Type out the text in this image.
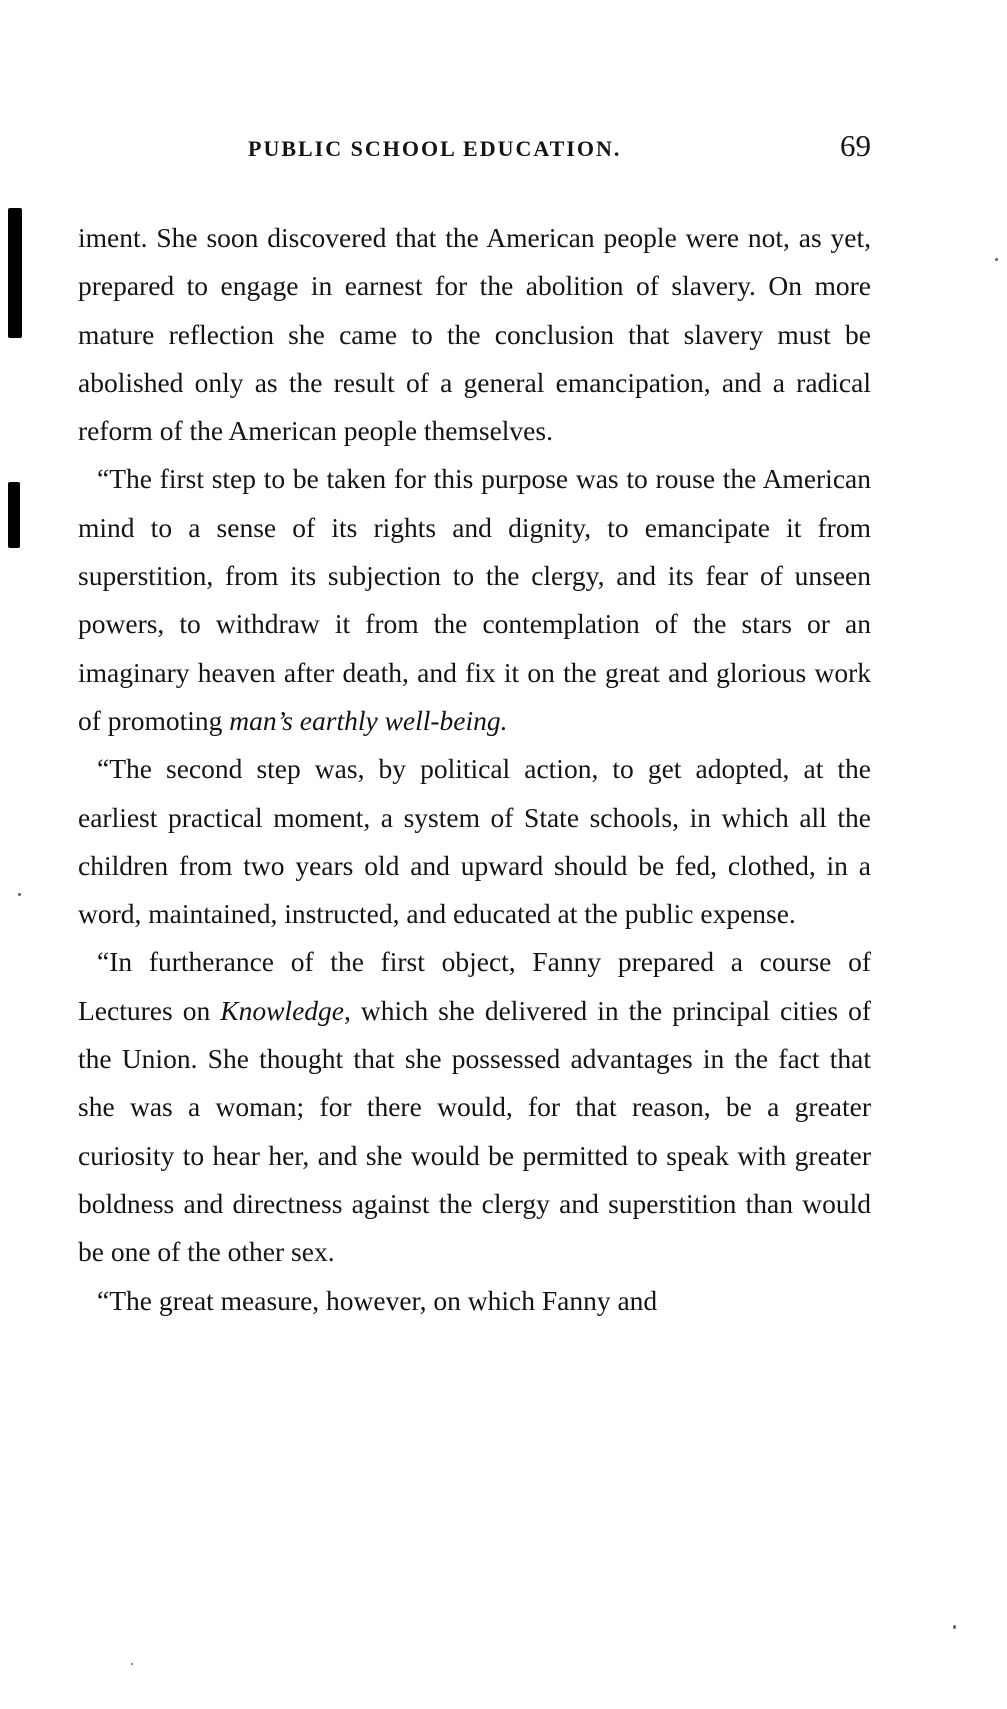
PUBLIC SCHOOL EDUCATION.	69

iment. She soon discovered that the American people were not, as yet, prepared to engage in earnest for the abolition of slavery. On more mature reflection she came to the conclusion that slavery must be abolished only as the result of a general emancipation, and a radical reform of the American people themselves.

“The first step to be taken for this purpose was to rouse the American mind to a sense of its rights and dignity, to emancipate it from superstition, from its subjection to the clergy, and its fear of unseen powers, to withdraw it from the contemplation of the stars or an imaginary heaven after death, and fix it on the great and glorious work of promoting man’s earthly well-being.

“The second step was, by political action, to get adopted, at the earliest practical moment, a system of State schools, in which all the children from two years old and upward should be fed, clothed, in a word, maintained, instructed, and educated at the public expense.

“In furtherance of the first object, Fanny prepared a course of Lectures on Knowledge, which she delivered in the principal cities of the Union. She thought that she possessed advantages in the fact that she was a woman; for there would, for that reason, be a greater curiosity to hear her, and she would be permitted to speak with greater boldness and directness against the clergy and superstition than would be one of the other sex.

“The great measure, however, on which Fanny and
